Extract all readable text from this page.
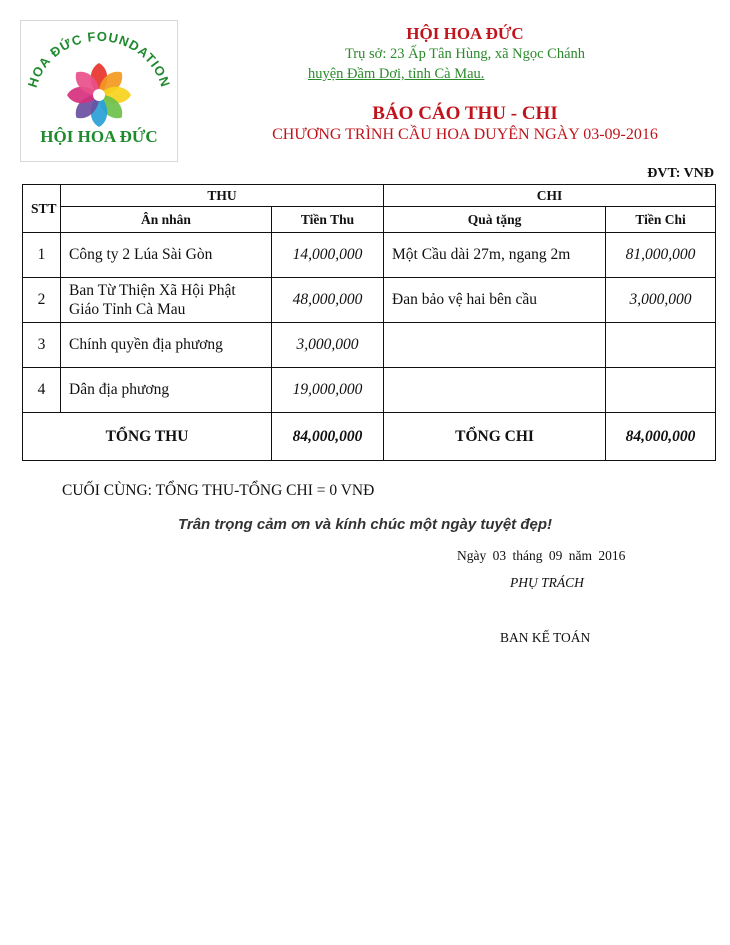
HOA ĐỨC FOUNDATION
HỘI HOA ĐỨC
HỘI HOA ĐỨC
Trụ sở: 23 Ấp Tân Hùng, xã Ngọc Chánh
huyện Đầm Dơi, tỉnh Cà Mau.
BÁO CÁO THU - CHI
CHƯƠNG TRÌNH CẦU HOA DUYÊN NGÀY 03-09-2016
ĐVT: VNĐ
STT	THU		CHI	
	Ân nhân	Tiền Thu	Quà tặng	Tiền Chi
1	Công ty 2 Lúa Sài Gòn	14,000,000	Một Cầu dài 27m, ngang 2m	81,000,000
2	Ban Từ Thiện Xã Hội Phật Giáo Tỉnh Cà Mau	48,000,000	Đan bảo vệ hai bên cầu	3,000,000
3	Chính quyền địa phương	3,000,000		
4	Dân địa phương	19,000,000		
TỔNG THU		84,000,000	TỔNG CHI	84,000,000
CUỐI CÙNG: TỔNG THU-TỔNG CHI = 0 VNĐ
Trân trọng cảm ơn và kính chúc một ngày tuyệt đẹp!
Ngày 03 tháng 09 năm 2016
PHỤ TRÁCH
BAN KẾ TOÁN
